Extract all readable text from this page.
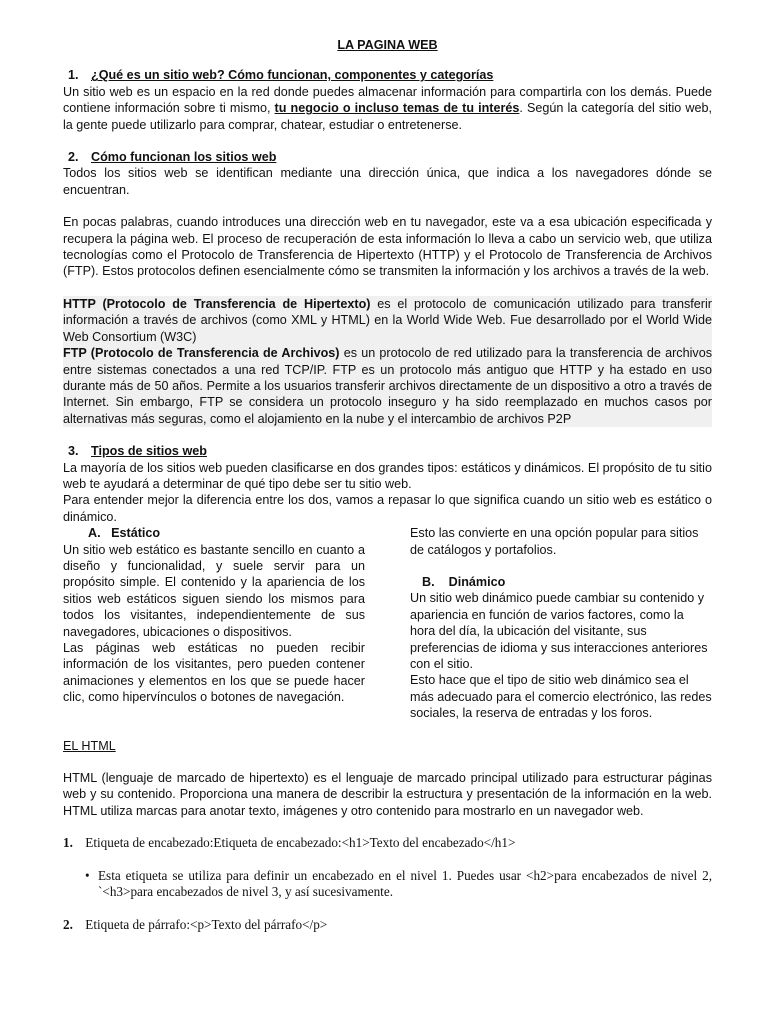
LA PAGINA WEB
1. ¿Qué es un sitio web? Cómo funcionan, componentes y categorías

Un sitio web es un espacio en la red donde puedes almacenar información para compartirla con los demás. Puede contiene información sobre ti mismo, tu negocio o incluso temas de tu interés. Según la categoría del sitio web, la gente puede utilizarlo para comprar, chatear, estudiar o entretenerse.

2. Cómo funcionan los sitios web

Todos los sitios web se identifican mediante una dirección única, que indica a los navegadores dónde se encuentran.

En pocas palabras, cuando introduces una dirección web en tu navegador, este va a esa ubicación especificada y recupera la página web. El proceso de recuperación de esta información lo lleva a cabo un servicio web, que utiliza tecnologías como el Protocolo de Transferencia de Hipertexto (HTTP) y el Protocolo de Transferencia de Archivos (FTP). Estos protocolos definen esencialmente cómo se transmiten la información y los archivos a través de la web.

HTTP (Protocolo de Transferencia de Hipertexto) es el protocolo de comunicación utilizado para transferir información a través de archivos (como XML y HTML) en la World Wide Web. Fue desarrollado por el World Wide Web Consortium (W3C)

FTP (Protocolo de Transferencia de Archivos) es un protocolo de red utilizado para la transferencia de archivos entre sistemas conectados a una red TCP/IP. FTP es un protocolo más antiguo que HTTP y ha estado en uso durante más de 50 años. Permite a los usuarios transferir archivos directamente de un dispositivo a otro a través de Internet. Sin embargo, FTP se considera un protocolo inseguro y ha sido reemplazado en muchos casos por alternativas más seguras, como el alojamiento en la nube y el intercambio de archivos P2P

3. Tipos de sitios web

La mayoría de los sitios web pueden clasificarse en dos grandes tipos: estáticos y dinámicos. El propósito de tu sitio web te ayudará a determinar de qué tipo debe ser tu sitio web.

Para entender mejor la diferencia entre los dos, vamos a repasar lo que significa cuando un sitio web es estático o dinámico.

A. Estático

Un sitio web estático es bastante sencillo en cuanto a diseño y funcionalidad, y suele servir para un propósito simple. El contenido y la apariencia de los sitios web estáticos siguen siendo los mismos para todos los visitantes, independientemente de sus navegadores, ubicaciones o dispositivos.

Las páginas web estáticas no pueden recibir información de los visitantes, pero pueden contener animaciones y elementos en los que se puede hacer clic, como hipervínculos o botones de navegación.

Esto las convierte en una opción popular para sitios de catálogos y portafolios.

B. Dinámico

Un sitio web dinámico puede cambiar su contenido y apariencia en función de varios factores, como la hora del día, la ubicación del visitante, sus preferencias de idioma y sus interacciones anteriores con el sitio.

Esto hace que el tipo de sitio web dinámico sea el más adecuado para el comercio electrónico, las redes sociales, la reserva de entradas y los foros.

EL HTML

HTML (lenguaje de marcado de hipertexto) es el lenguaje de marcado principal utilizado para estructurar páginas web y su contenido. Proporciona una manera de describir la estructura y presentación de la información en la web. HTML utiliza marcas para anotar texto, imágenes y otro contenido para mostrarlo en un navegador web.

1. Etiqueta de encabezado:Etiqueta de encabezado:<h1>Texto del encabezado</h1>
• Esta etiqueta se utiliza para definir un encabezado en el nivel 1. Puedes usar <h2>para encabezados de nivel 2, `<h3>para encabezados de nivel 3, y así sucesivamente.
2. Etiqueta de párrafo:<p>Texto del párrafo</p>
